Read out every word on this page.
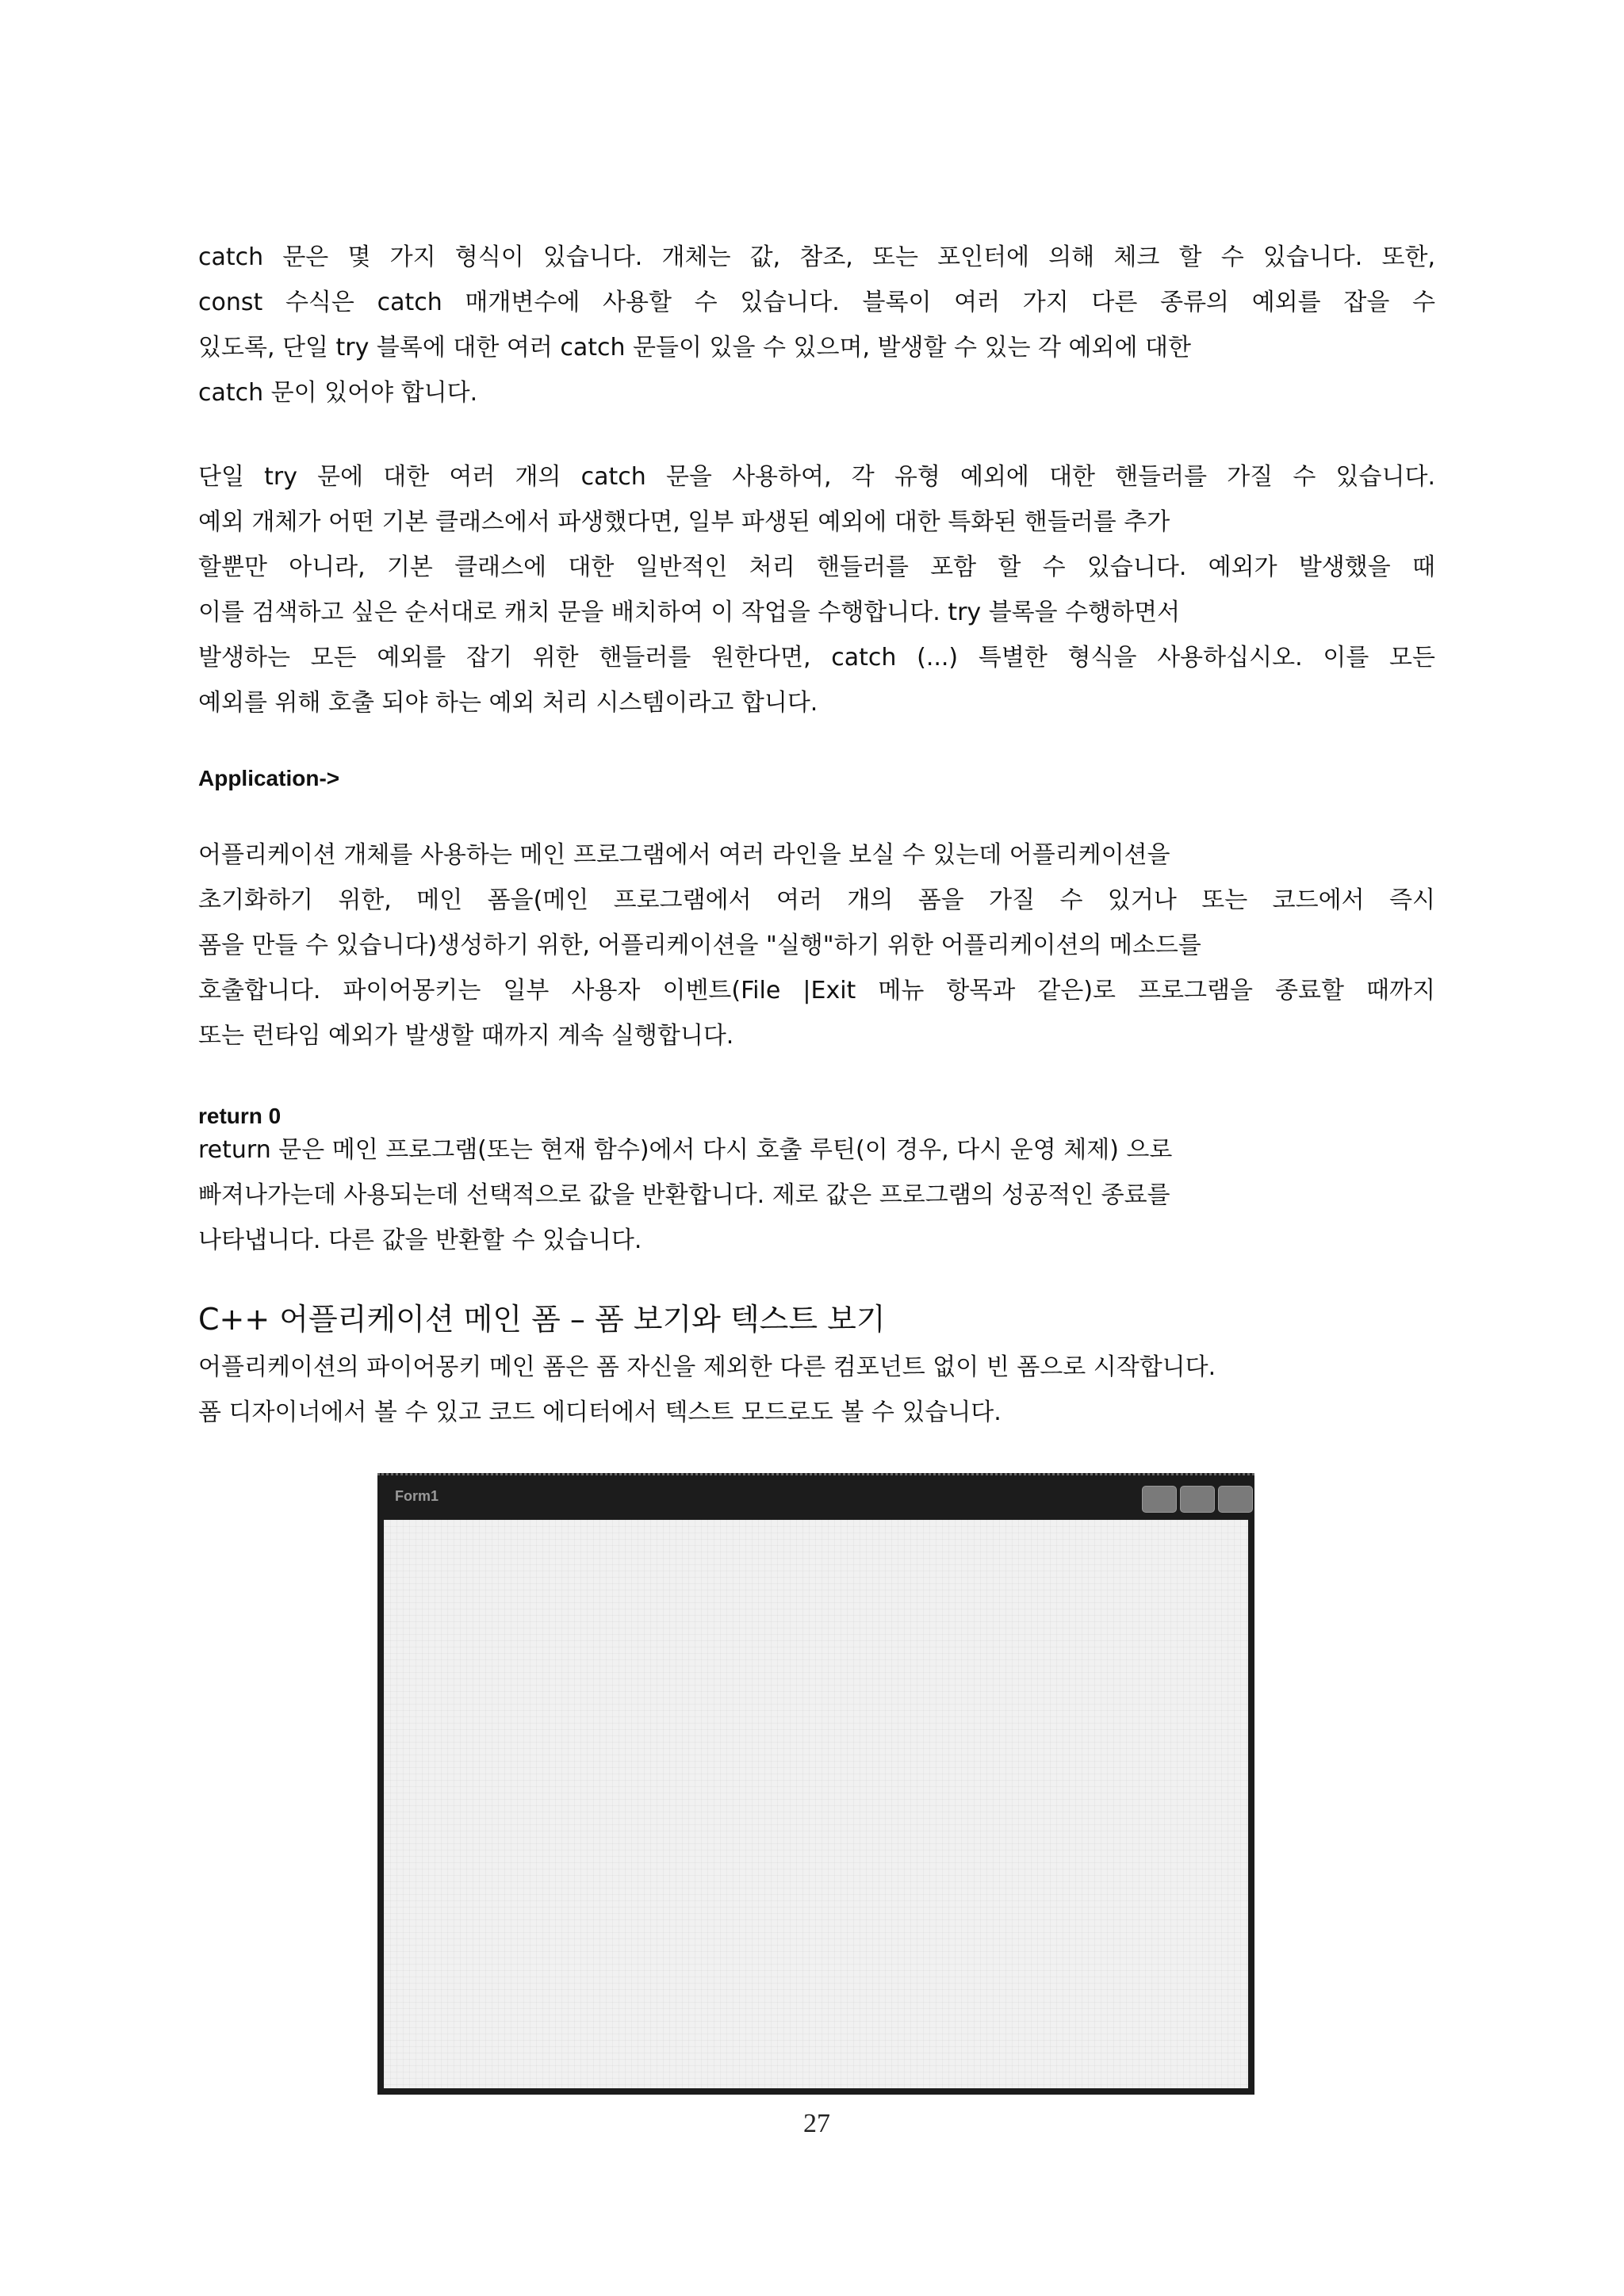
catch 문은 몇 가지 형식이 있습니다. 개체는 값, 참조, 또는 포인터에 의해 체크 할 수 있습니다. 또한,
const 수식은 catch 매개변수에 사용할 수 있습니다. 블록이 여러 가지 다른 종류의 예외를 잡을 수
있도록, 단일 try 블록에 대한 여러 catch 문들이 있을 수 있으며, 발생할 수 있는 각 예외에 대한
catch 문이 있어야 합니다.
단일 try 문에 대한 여러 개의 catch 문을 사용하여, 각 유형 예외에 대한 핸들러를 가질 수 있습니다.
예외 개체가 어떤 기본 클래스에서 파생했다면, 일부 파생된 예외에 대한 특화된 핸들러를 추가
할뿐만 아니라, 기본 클래스에 대한 일반적인 처리 핸들러를 포함 할 수 있습니다. 예외가 발생했을 때
이를 검색하고 싶은 순서대로 캐치 문을 배치하여 이 작업을 수행합니다. try 블록을 수행하면서
발생하는 모든 예외를 잡기 위한 핸들러를 원한다면, catch (...) 특별한 형식을 사용하십시오. 이를 모든
예외를 위해 호출 되야 하는 예외 처리 시스템이라고 합니다.

Application->

어플리케이션 개체를 사용하는 메인 프로그램에서 여러 라인을 보실 수 있는데 어플리케이션을
초기화하기 위한, 메인 폼을(메인 프로그램에서 여러 개의 폼을 가질 수 있거나 또는 코드에서 즉시
폼을 만들 수 있습니다)생성하기 위한, 어플리케이션을 "실행"하기 위한 어플리케이션의 메소드를
호출합니다. 파이어몽키는 일부 사용자 이벤트(File |Exit 메뉴 항목과 같은)로 프로그램을 종료할 때까지
또는 런타임 예외가 발생할 때까지 계속 실행합니다.

return 0

return 문은 메인 프로그램(또는 현재 함수)에서 다시 호출 루틴(이 경우, 다시 운영 체제) 으로
빠져나가는데 사용되는데 선택적으로 값을 반환합니다. 제로 값은 프로그램의 성공적인 종료를
나타냅니다. 다른 값을 반환할 수 있습니다.
C++ 어플리케이션 메인 폼 – 폼 보기와 텍스트 보기
어플리케이션의 파이어몽키 메인 폼은 폼 자신을 제외한 다른 컴포넌트 없이 빈 폼으로 시작합니다.
폼 디자이너에서 볼 수 있고 코드 에디터에서 텍스트 모드로도 볼 수 있습니다.
Form1
27
